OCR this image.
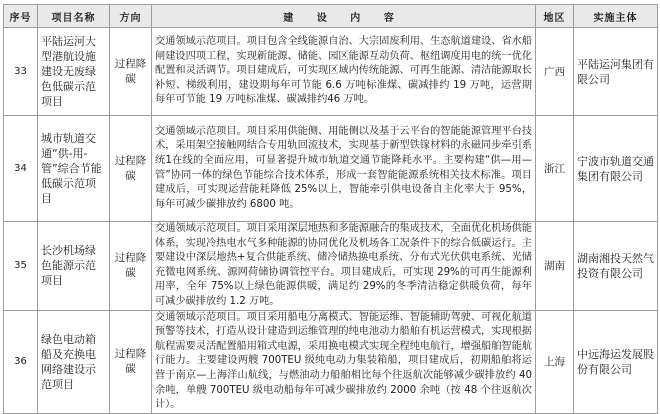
序号	项目名称	方向	建 设 内 容	地区	实施主体
33	平陆运河大型港航设施建设无废绿色低碳示范项目	过程降碳	交通领域示范项目。项目包含全线能源自治、大宗固废利用、生态航道建设、省水船闸建设四项工程，实现新能源、储能、园区能源互动负荷、枢纽调度用电的统一优化配置和灵活调节。项目建成后，可实现区域内传统能源、可再生能源、清洁能源取长补短、梯级利用，建设期每年可节能 6.6 万吨标准煤、碳减排约 19 万吨，运营期每年可节能 19 万吨标准煤、碳减排约46 万吨。	广西	平陆运河集团有限公司
34	城市轨道交通“供-用-管”综合节能低碳示范项目	过程降碳	交通领域示范项目。项目采用供能侧、用能侧以及基于云平台的智能能源管理平台技术，采用架空接触网结合专用轨回流技术，实现基于新型铁镓材料的永磁同步牵引系统1在线的全面应用，可显著提升城市轨道交通节能降耗水平。主要构建“供—用—管”协同一体的绿色节能综合技术体系，形成一套智能能源系统相关技术标准。项目建成后，可实现运营能耗降低 25%以上，智能牵引供电设备自主化率大于 95%，每年可减少碳排放约 6800 吨。	浙江	宁波市轨道交通集团有限公司
35	长沙机场绿色能源示范项目	过程降碳	交通领域示范项目。项目采用深层地热和多能源融合的集成技术，全面优化机场供能体系，实现冷热电水气多种能源的协同优化及机场各工况条件下的综合低碳运行。主要建设中深层地热+复合供能系统、储冷储热换电系统、分布式光伏供电系统、光储充微电网系统、源网荷储协调管控平台。项目建成后，可实现 29%的可再生能源利用率，全年 75%以上绿色能源供暖，满足约 29%的冬季清洁稳定供暖负荷，每年可减少碳排放约 1.2 万吨。	湖南	湖南湘投天然气投资有限公司
36	绿色电动箱船及充换电网络建设示范项目	过程降碳	交通领域示范项目。项目采用船电分离模式、智能运维、智能辅助驾驶、可视化航道预警等技术，打造从设计建造到运维管理的纯电池动力船舶有机运营模式，实现根据航程需要灵活配置船用箱式电源，采用换电模式实现全程纯电航行，增强船舶智能航行能力。主要建设两艘 700TEU 级纯电动力集装箱船，项目建成后，初期船舶将运营于南京—上海洋山航线，与燃油动力船舶相比每个往返航次能够减少碳排放约 40 余吨，单艘 700TEU 级电动船每年可减少碳排放约 2000 余吨（按 48 个往返航次计）。	上海	中远海运发展股份有限公司
